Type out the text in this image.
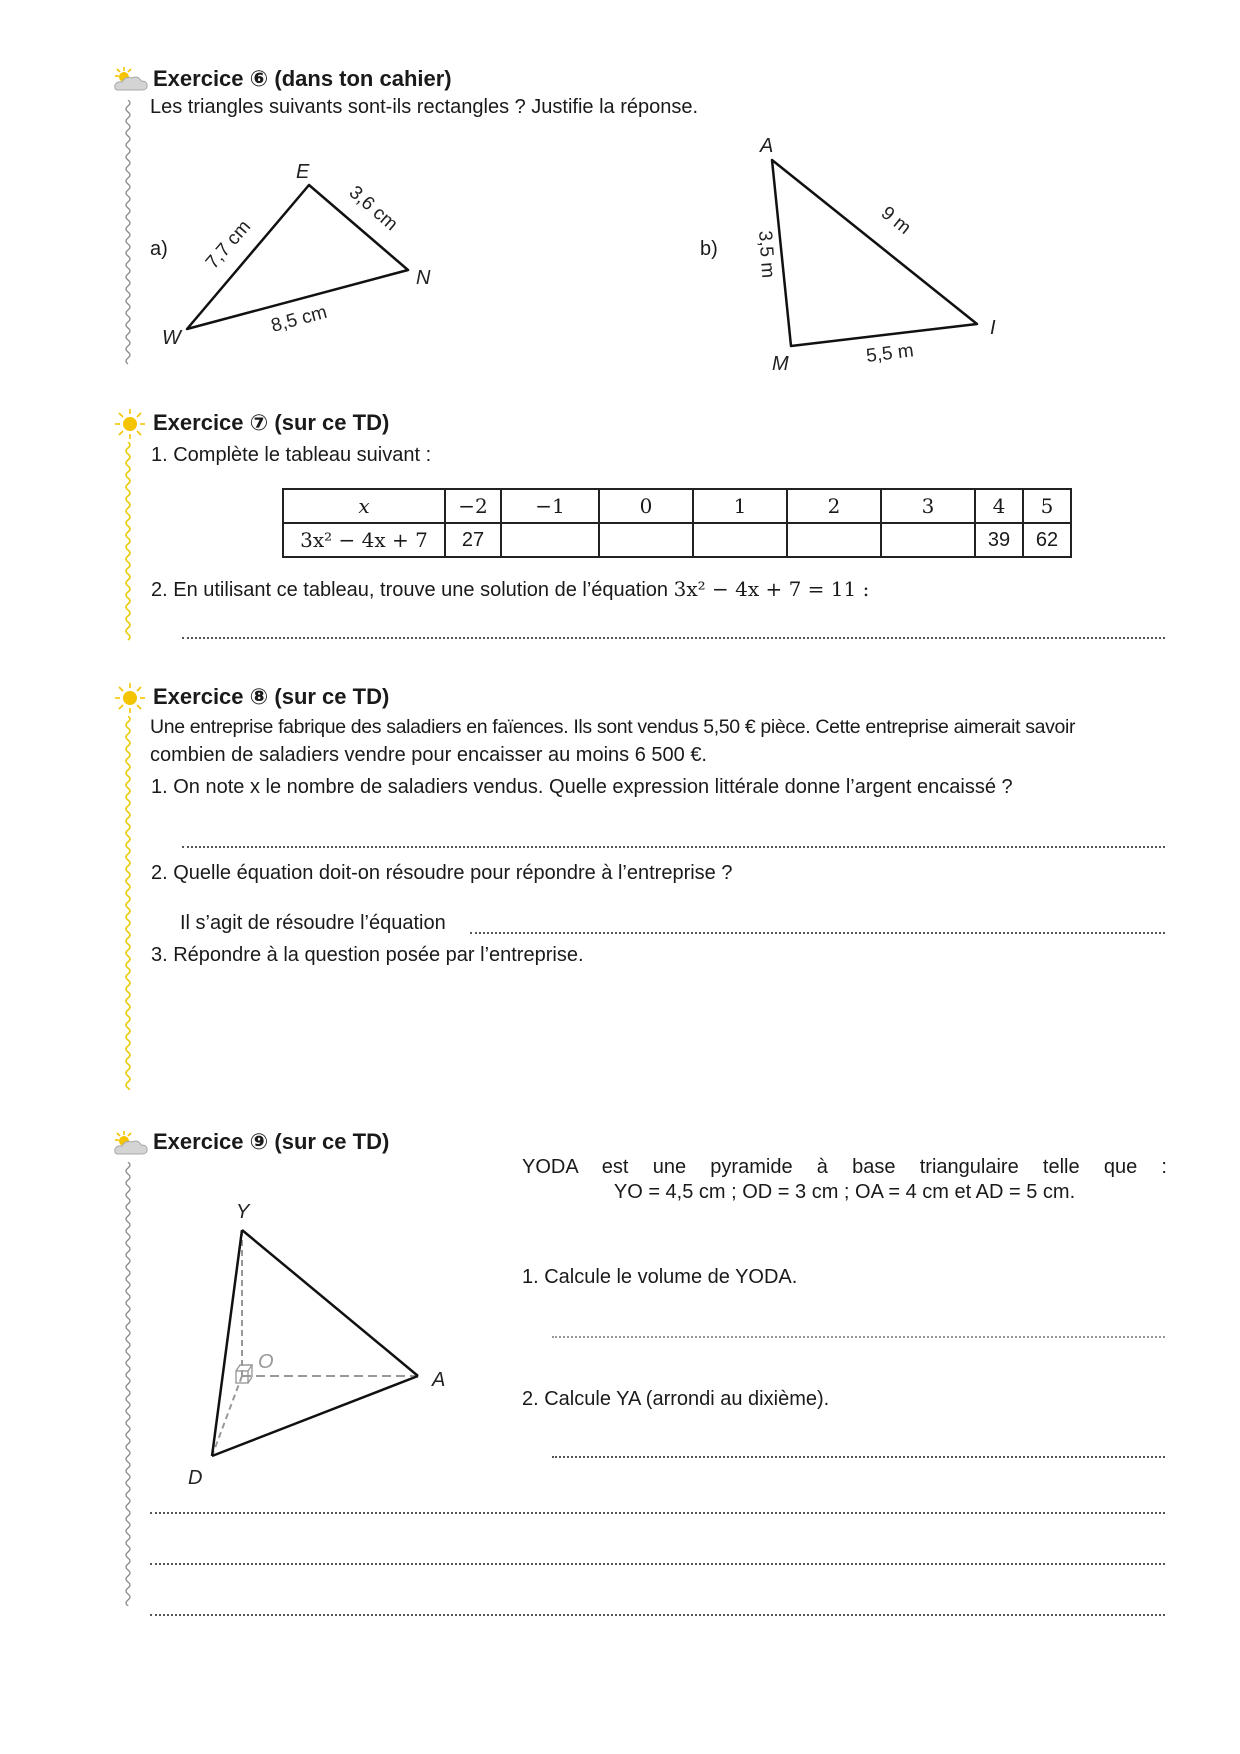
Exercice ⑥ (dans ton cahier)
Les triangles suivants sont-ils rectangles ? Justifie la réponse.
a)
E
N
W
7,7 cm
3,6 cm
8,5 cm
b)
A
I
M
3,5 m
9 m
5,5 m
Exercice ⑦ (sur ce TD)
1. Complète le tableau suivant :
x	−2	−1	0	1	2	3	4	5
3x² − 4x + 7	27						39	62
2. En utilisant ce tableau, trouve une solution de l’équation 3x² − 4x + 7 = 11 :
Exercice ⑧ (sur ce TD)
Une entreprise fabrique des saladiers en faïences. Ils sont vendus 5,50 € pièce. Cette entreprise aimerait savoir
combien de saladiers vendre pour encaisser au moins 6 500 €.
1. On note x le nombre de saladiers vendus. Quelle expression littérale donne l’argent encaissé ?
2. Quelle équation doit-on résoudre pour répondre à l’entreprise ?
Il s’agit de résoudre l’équation
3. Répondre à la question posée par l’entreprise.
Exercice ⑨ (sur ce TD)
YODA est une pyramide à base triangulaire telle que :
YO = 4,5 cm ; OD = 3 cm ; OA = 4 cm et AD = 5 cm.
Y
O
A
D
1. Calcule le volume de YODA.
2. Calcule YA (arrondi au dixième).
